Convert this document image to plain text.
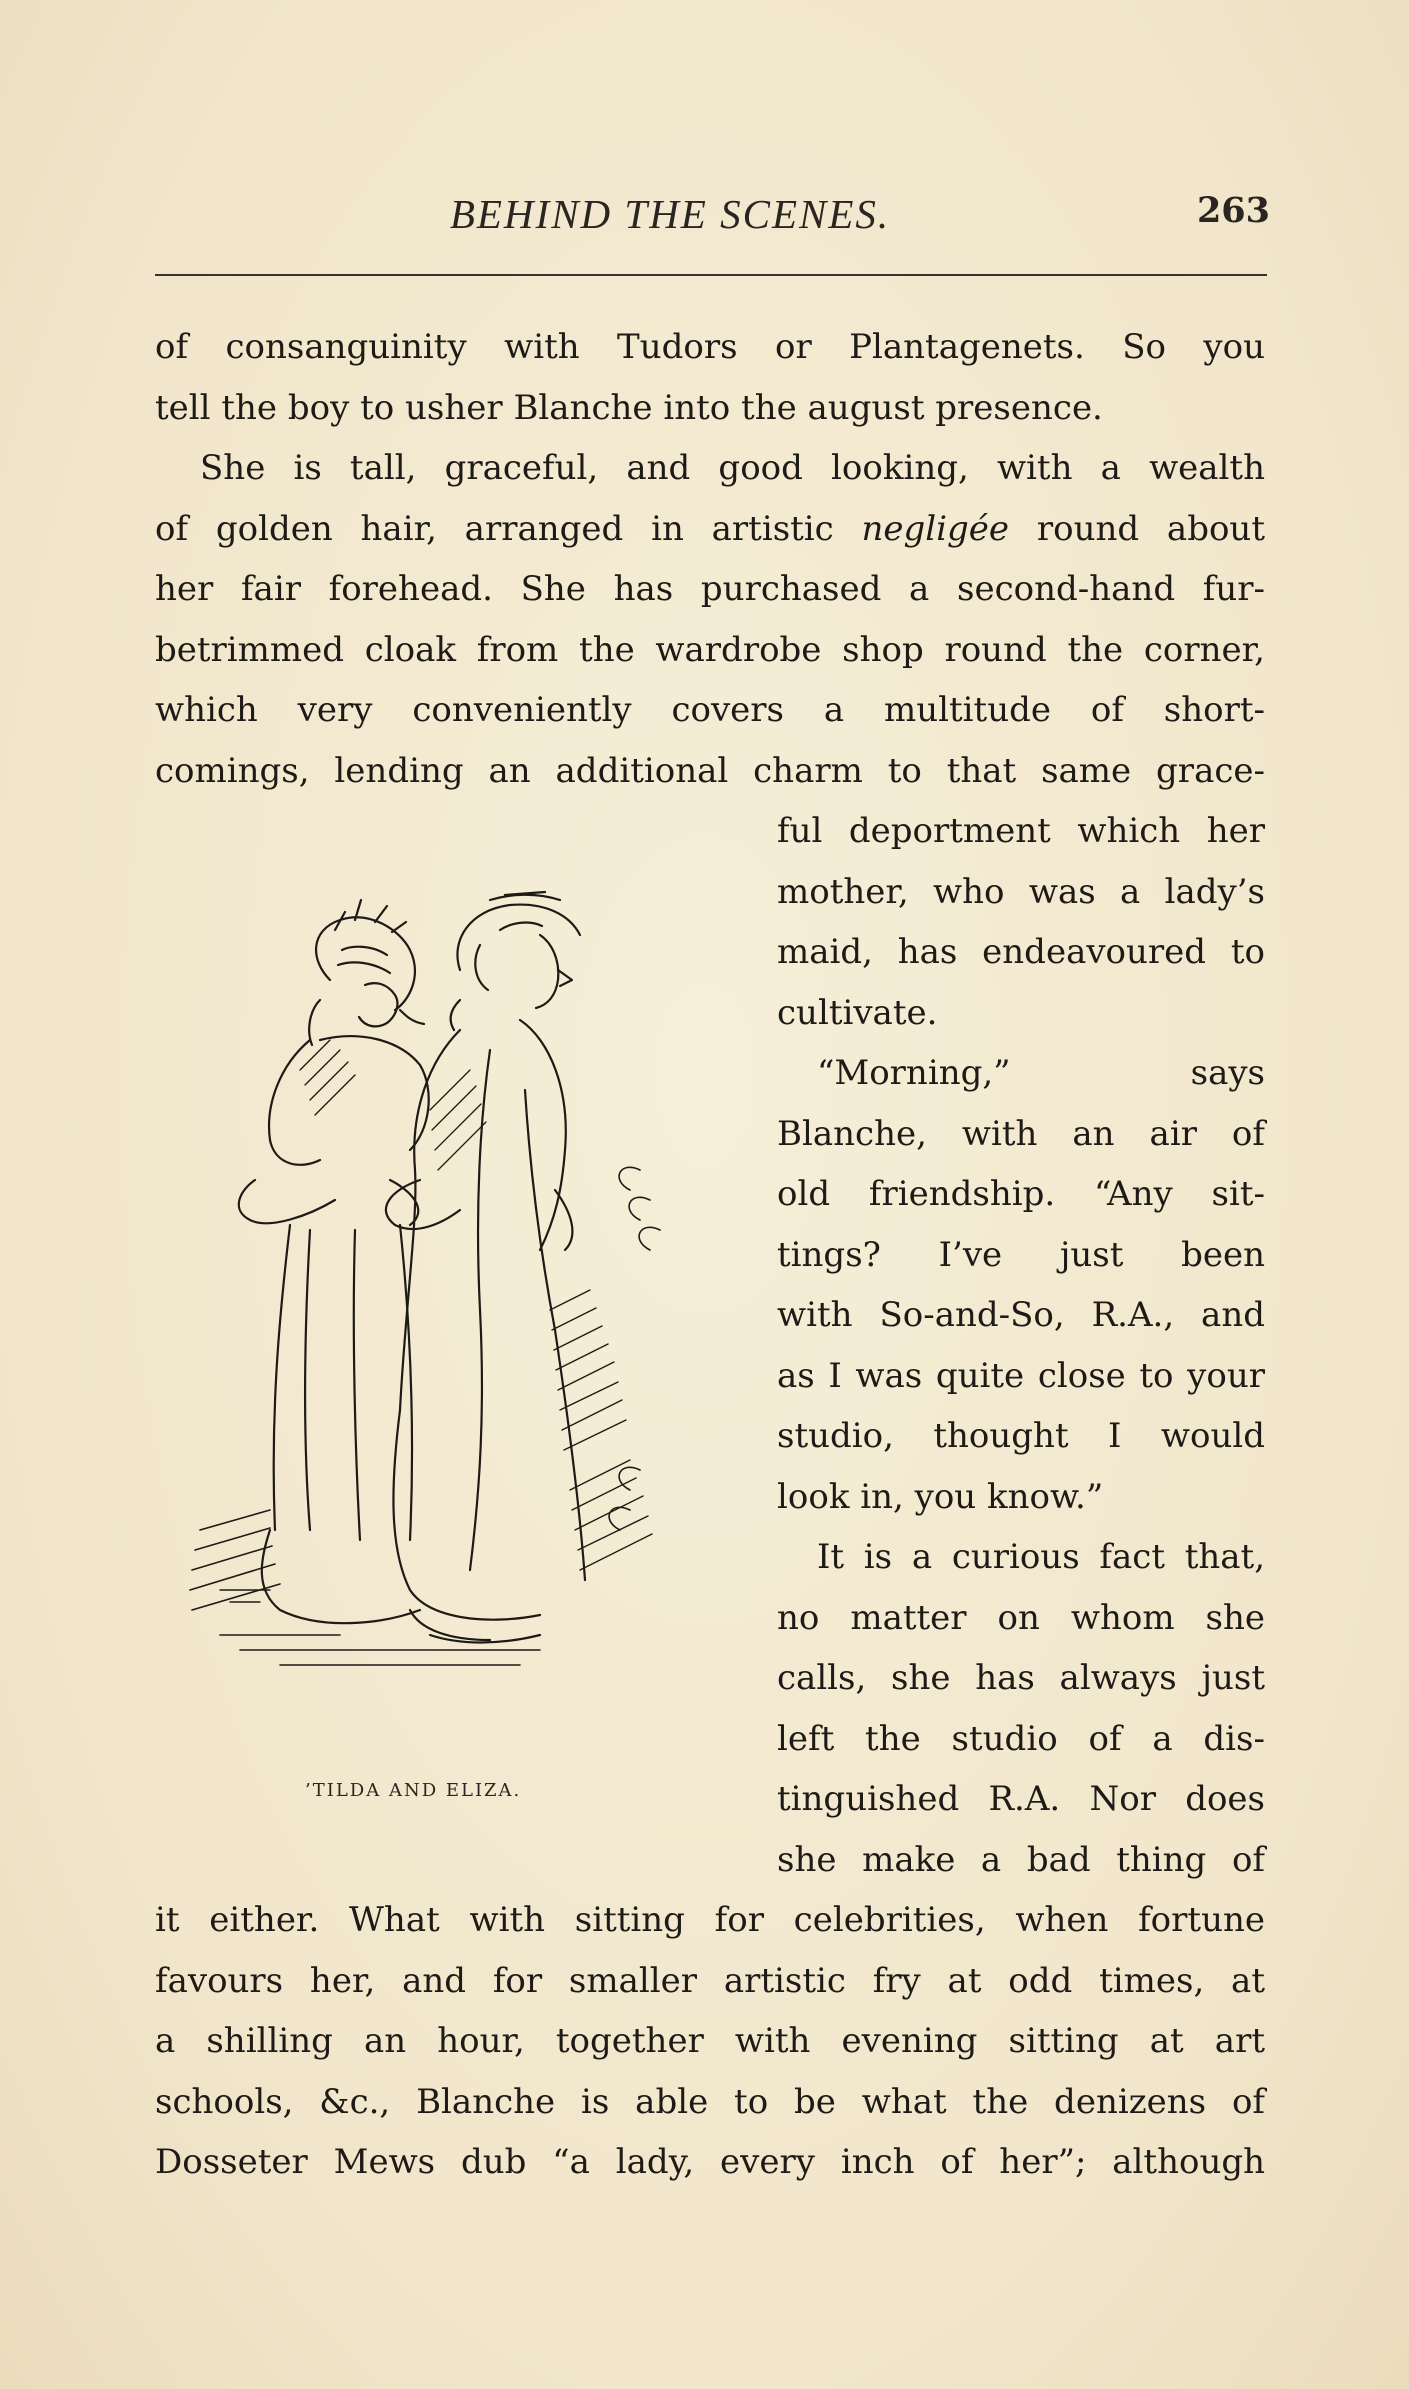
BEHIND THE SCENES.	263
of consanguinity with Tudors or Plantagenets. So you
tell the boy to usher Blanche into the august presence.
She is tall, graceful, and good looking, with a wealth
of golden hair, arranged in artistic negligée round about
her fair forehead. She has purchased a second-hand fur-
betrimmed cloak from the wardrobe shop round the corner,
which very conveniently covers a multitude of short-
comings, lending an additional charm to that same grace-
ful deportment which her
mother, who was a lady’s
maid, has endeavoured to
cultivate.
“Morning,” says
Blanche, with an air of
old friendship. “Any sit-
tings? I’ve just been
with So-and-So, R.A., and
as I was quite close to your
studio, thought I would
look in, you know.”
It is a curious fact that,
no matter on whom she
calls, she has always just
left the studio of a dis-
tinguished R.A. Nor does
she make a bad thing of
’TILDA AND ELIZA.
it either. What with sitting for celebrities, when fortune
favours her, and for smaller artistic fry at odd times, at
a shilling an hour, together with evening sitting at art
schools, &c., Blanche is able to be what the denizens of
Dosseter Mews dub “a lady, every inch of her”; although
